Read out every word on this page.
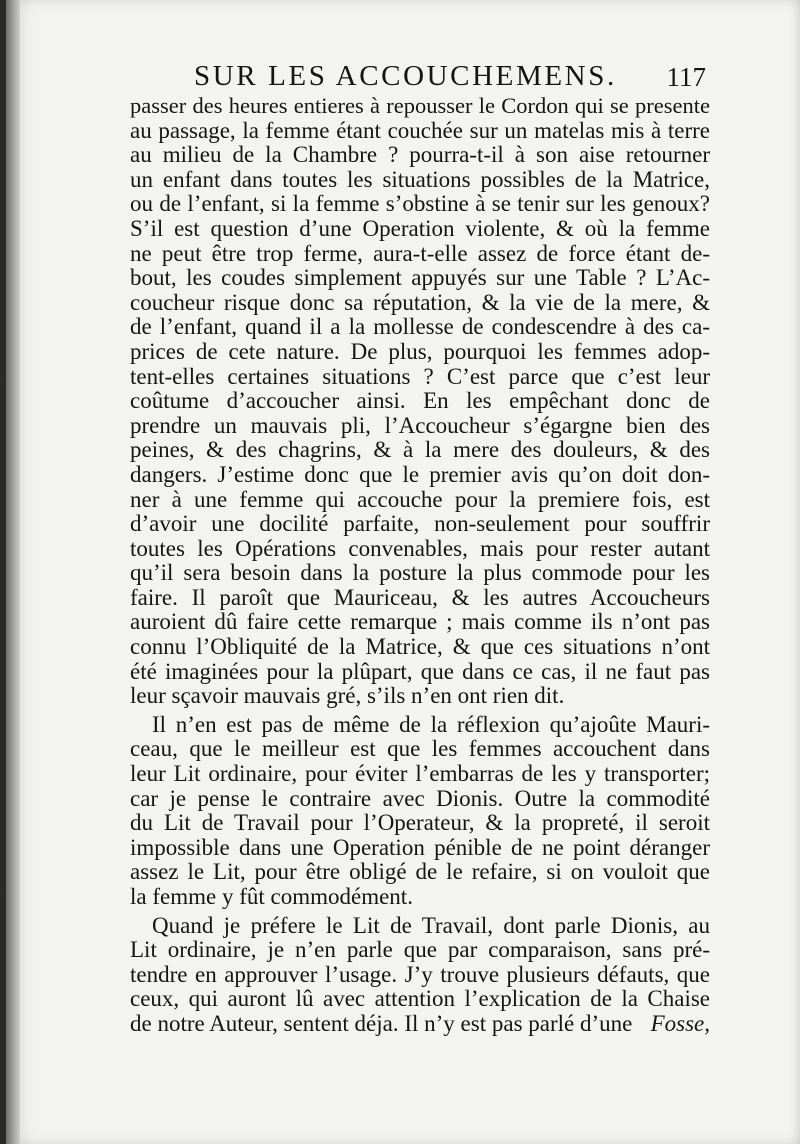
SUR LES ACCOUCHEMENS. 117
passer des heures entieres à repousser le Cordon qui se presente
au passage, la femme étant couchée sur un matelas mis à terre
au milieu de la Chambre ? pourra-t-il à son aise retourner
un enfant dans toutes les situations possibles de la Matrice,
ou de l’enfant, si la femme s’obstine à se tenir sur les genoux?
S’il est question d’une Operation violente, & où la femme
ne peut être trop ferme, aura-t-elle assez de force étant de-
bout, les coudes simplement appuyés sur une Table ? L’Ac-
coucheur risque donc sa réputation, & la vie de la mere, &
de l’enfant, quand il a la mollesse de condescendre à des ca-
prices de cete nature. De plus, pourquoi les femmes adop-
tent-elles certaines situations ? C’est parce que c’est leur
coûtume d’accoucher ainsi. En les empêchant donc de
prendre un mauvais pli, l’Accoucheur s’égargne bien des
peines, & des chagrins, & à la mere des douleurs, & des
dangers. J’estime donc que le premier avis qu’on doit don-
ner à une femme qui accouche pour la premiere fois, est
d’avoir une docilité parfaite, non-seulement pour souffrir
toutes les Opérations convenables, mais pour rester autant
qu’il sera besoin dans la posture la plus commode pour les
faire. Il paroît que Mauriceau, & les autres Accoucheurs
auroient dû faire cette remarque ; mais comme ils n’ont pas
connu l’Obliquité de la Matrice, & que ces situations n’ont
été imaginées pour la plûpart, que dans ce cas, il ne faut pas
leur sçavoir mauvais gré, s’ils n’en ont rien dit.
Il n’en est pas de même de la réflexion qu’ajoûte Mauri-
ceau, que le meilleur est que les femmes accouchent dans
leur Lit ordinaire, pour éviter l’embarras de les y transporter;
car je pense le contraire avec Dionis. Outre la commodité
du Lit de Travail pour l’Operateur, & la propreté, il seroit
impossible dans une Operation pénible de ne point déranger
assez le Lit, pour être obligé de le refaire, si on vouloit que
la femme y fût commodément.
Quand je préfere le Lit de Travail, dont parle Dionis, au
Lit ordinaire, je n’en parle que par comparaison, sans pré-
tendre en approuver l’usage. J’y trouve plusieurs défauts, que
ceux, qui auront lû avec attention l’explication de la Chaise
de notre Auteur, sentent déja. Il n’y est pas parlé d’une Fosse,
